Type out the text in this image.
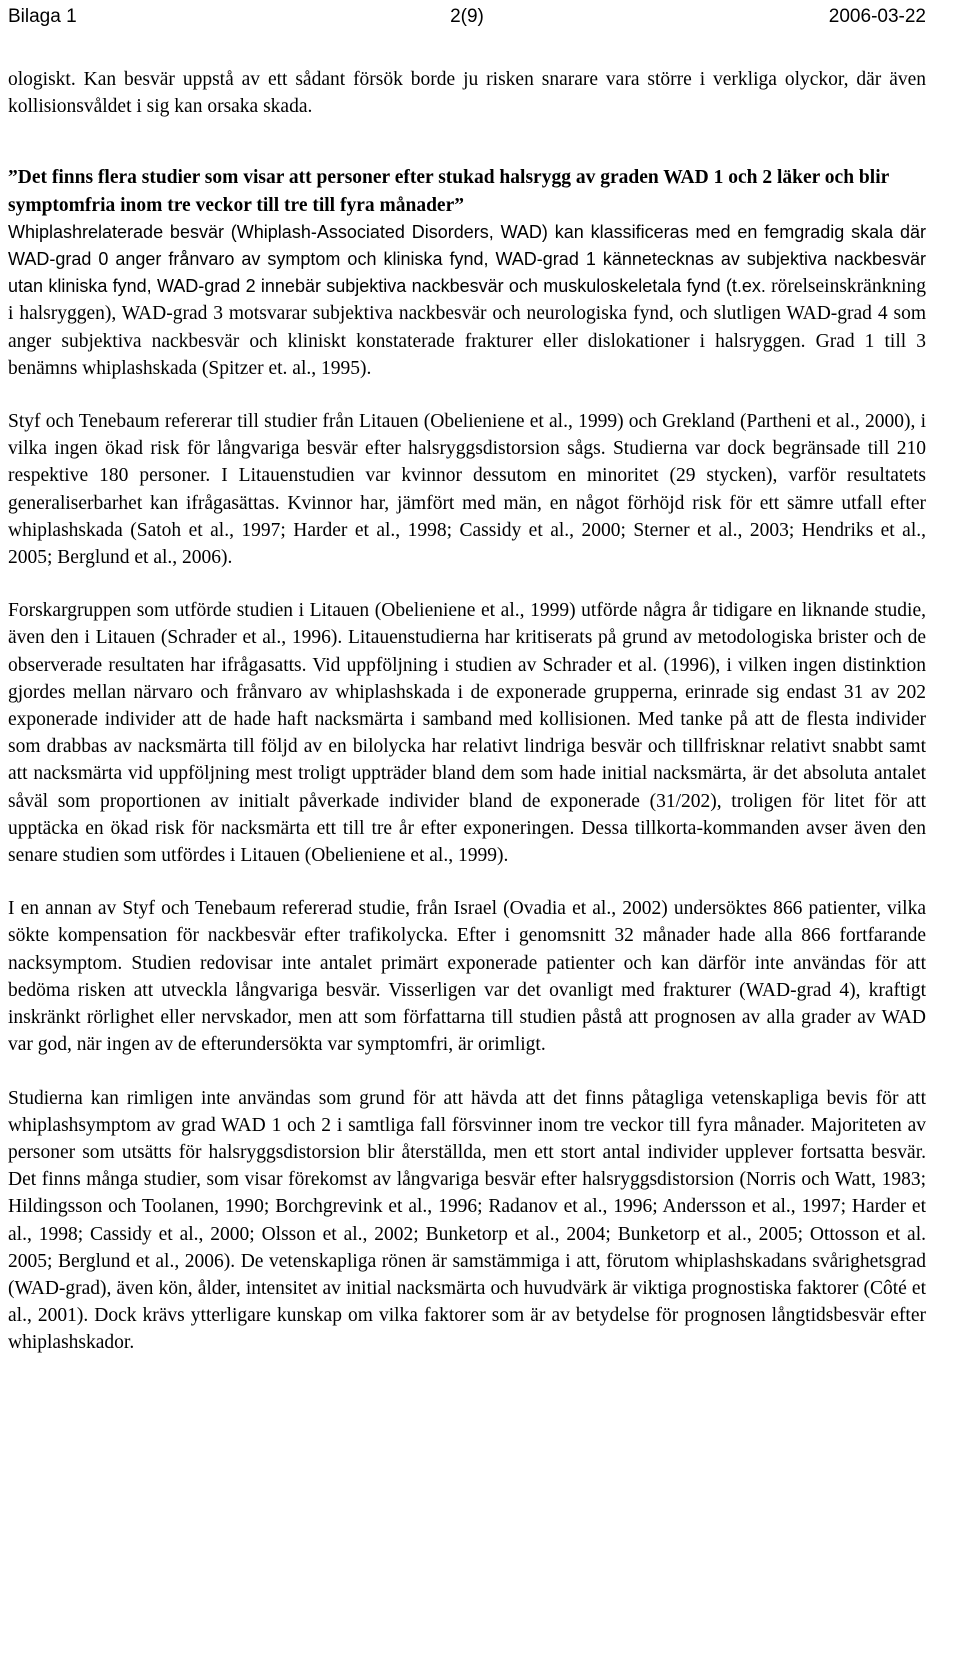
Bilaga 1	2(9)	2006-03-22

ologiskt. Kan besvär uppstå av ett sådant försök borde ju risken snarare vara större i verkliga olyckor, där även kollisionsvåldet i sig kan orsaka skada.

”Det finns flera studier som visar att personer efter stukad halsrygg av graden WAD 1 och 2 läker och blir symptomfria inom tre veckor till tre till fyra månader”

Whiplashrelaterade besvär (Whiplash-Associated Disorders, WAD) kan klassificeras med en femgradig skala där WAD-grad 0 anger frånvaro av symptom och kliniska fynd, WAD-grad 1 kännetecknas av subjektiva nackbesvär utan kliniska fynd, WAD-grad 2 innebär subjektiva nackbesvär och muskuloskeletala fynd (t.ex. rörelseinskränkning i halsryggen), WAD-grad 3 motsvarar subjektiva nackbesvär och neurologiska fynd, och slutligen WAD-grad 4 som anger subjektiva nackbesvär och kliniskt konstaterade frakturer eller dislokationer i halsryggen. Grad 1 till 3 benämns whiplashskada (Spitzer et. al., 1995).

Styf och Tenebaum refererar till studier från Litauen (Obelieniene et al., 1999) och Grekland (Partheni et al., 2000), i vilka ingen ökad risk för långvariga besvär efter halsryggsdistorsion sågs. Studierna var dock begränsade till 210 respektive 180 personer. I Litauenstudien var kvinnor dessutom en minoritet (29 stycken), varför resultatets generaliserbarhet kan ifrågasättas. Kvinnor har, jämfört med män, en något förhöjd risk för ett sämre utfall efter whiplashskada (Satoh et al., 1997; Harder et al., 1998; Cassidy et al., 2000; Sterner et al., 2003; Hendriks et al., 2005; Berglund et al., 2006).

Forskargruppen som utförde studien i Litauen (Obelieniene et al., 1999) utförde några år tidigare en liknande studie, även den i Litauen (Schrader et al., 1996). Litauenstudierna har kritiserats på grund av metodologiska brister och de observerade resultaten har ifrågasatts. Vid uppföljning i studien av Schrader et al. (1996), i vilken ingen distinktion gjordes mellan närvaro och frånvaro av whiplashskada i de exponerade grupperna, erinrade sig endast 31 av 202 exponerade individer att de hade haft nacksmärta i samband med kollisionen. Med tanke på att de flesta individer som drabbas av nacksmärta till följd av en bilolycka har relativt lindriga besvär och tillfrisknar relativt snabbt samt att nacksmärta vid uppföljning mest troligt uppträder bland dem som hade initial nacksmärta, är det absoluta antalet såväl som proportionen av initialt påverkade individer bland de exponerade (31/202), troligen för litet för att upptäcka en ökad risk för nacksmärta ett till tre år efter exponeringen. Dessa tillkorta-kommanden avser även den senare studien som utfördes i Litauen (Obelieniene et al., 1999).

I en annan av Styf och Tenebaum refererad studie, från Israel (Ovadia et al., 2002) undersöktes 866 patienter, vilka sökte kompensation för nackbesvär efter trafikolycka. Efter i genomsnitt 32 månader hade alla 866 fortfarande nacksymptom. Studien redovisar inte antalet primärt exponerade patienter och kan därför inte användas för att bedöma risken att utveckla långvariga besvär. Visserligen var det ovanligt med frakturer (WAD-grad 4), kraftigt inskränkt rörlighet eller nervskador, men att som författarna till studien påstå att prognosen av alla grader av WAD var god, när ingen av de efterundersökta var symptomfri, är orimligt.

Studierna kan rimligen inte användas som grund för att hävda att det finns påtagliga vetenskapliga bevis för att whiplashsymptom av grad WAD 1 och 2 i samtliga fall försvinner inom tre veckor till fyra månader. Majoriteten av personer som utsätts för halsryggsdistorsion blir återställda, men ett stort antal individer upplever fortsatta besvär. Det finns många studier, som visar förekomst av långvariga besvär efter halsryggsdistorsion (Norris och Watt, 1983; Hildingsson och Toolanen, 1990; Borchgrevink et al., 1996; Radanov et al., 1996; Andersson et al., 1997; Harder et al., 1998; Cassidy et al., 2000; Olsson et al., 2002; Bunketorp et al., 2004; Bunketorp et al., 2005; Ottosson et al. 2005; Berglund et al., 2006). De vetenskapliga rönen är samstämmiga i att, förutom whiplashskadans svårighetsgrad (WAD-grad), även kön, ålder, intensitet av initial nacksmärta och huvudvärk är viktiga prognostiska faktorer (Côté et al., 2001). Dock krävs ytterligare kunskap om vilka faktorer som är av betydelse för prognosen långtidsbesvär efter whiplashskador.
